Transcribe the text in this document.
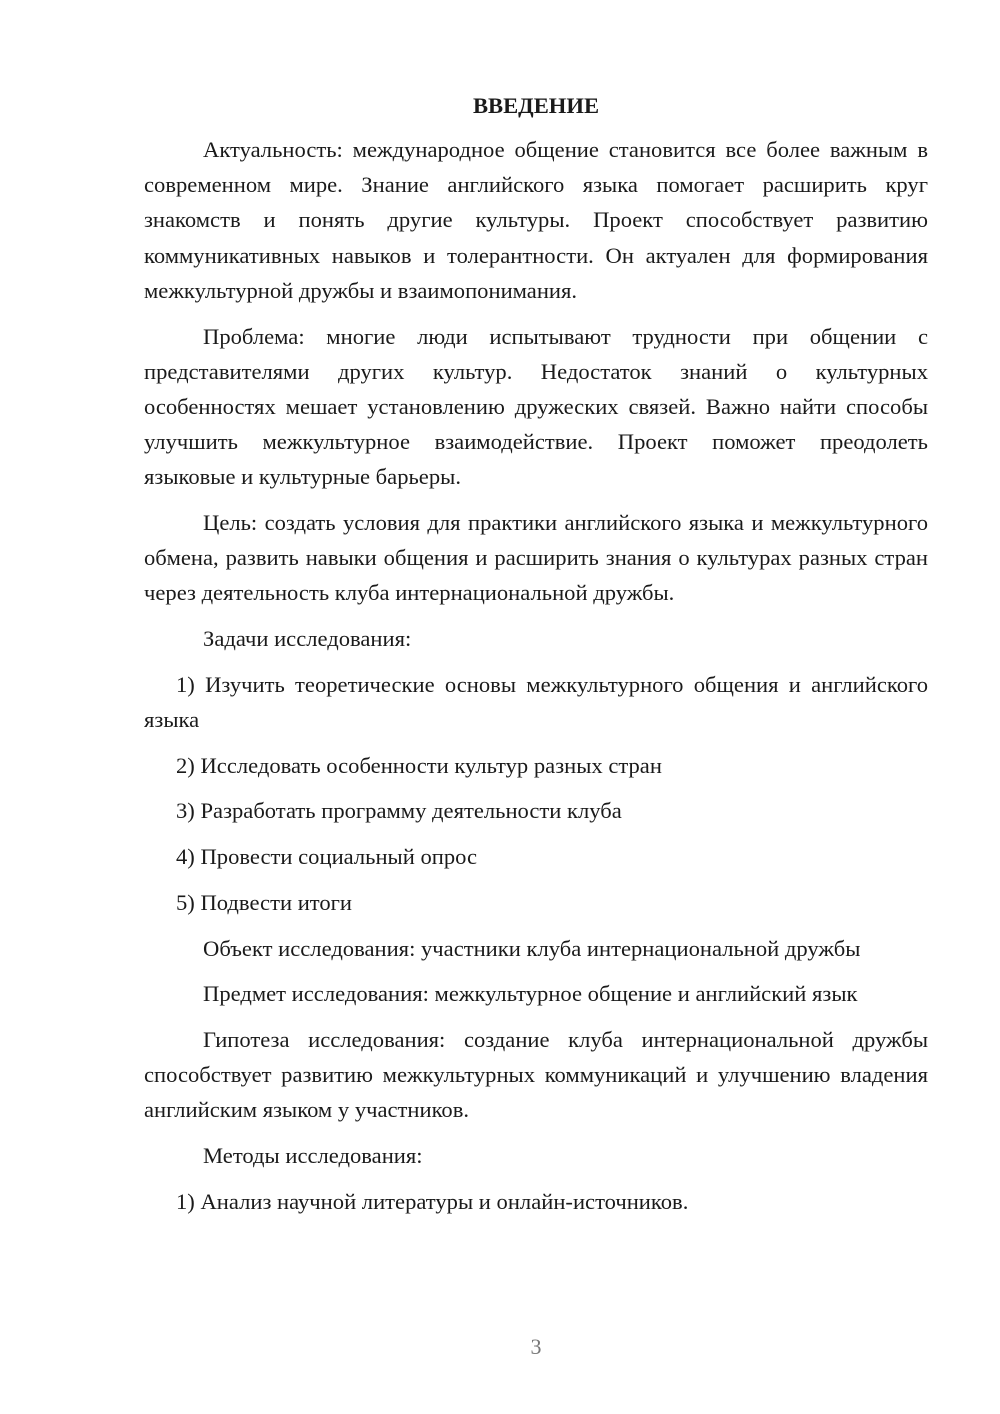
ВВЕДЕНИЕ

Актуальность: международное общение становится все более важным в современном мире. Знание английского языка помогает расширить круг знакомств и понять другие культуры. Проект способствует развитию коммуникативных навыков и толерантности. Он актуален для формирования межкультурной дружбы и взаимопонимания.

Проблема: многие люди испытывают трудности при общении с представителями других культур. Недостаток знаний о культурных особенностях мешает установлению дружеских связей. Важно найти способы улучшить межкультурное взаимодействие. Проект поможет преодолеть языковые и культурные барьеры.

Цель: создать условия для практики английского языка и межкультурного обмена, развить навыки общения и расширить знания о культурах разных стран через деятельность клуба интернациональной дружбы.

Задачи исследования:

1) Изучить теоретические основы межкультурного общения и английского языка

2) Исследовать особенности культур разных стран

3) Разработать программу деятельности клуба

4) Провести социальный опрос

5) Подвести итоги

Объект исследования: участники клуба интернациональной дружбы

Предмет исследования: межкультурное общение и английский язык

Гипотеза исследования: создание клуба интернациональной дружбы способствует развитию межкультурных коммуникаций и улучшению владения английским языком у участников.

Методы исследования:

1) Анализ научной литературы и онлайн-источников.

3
